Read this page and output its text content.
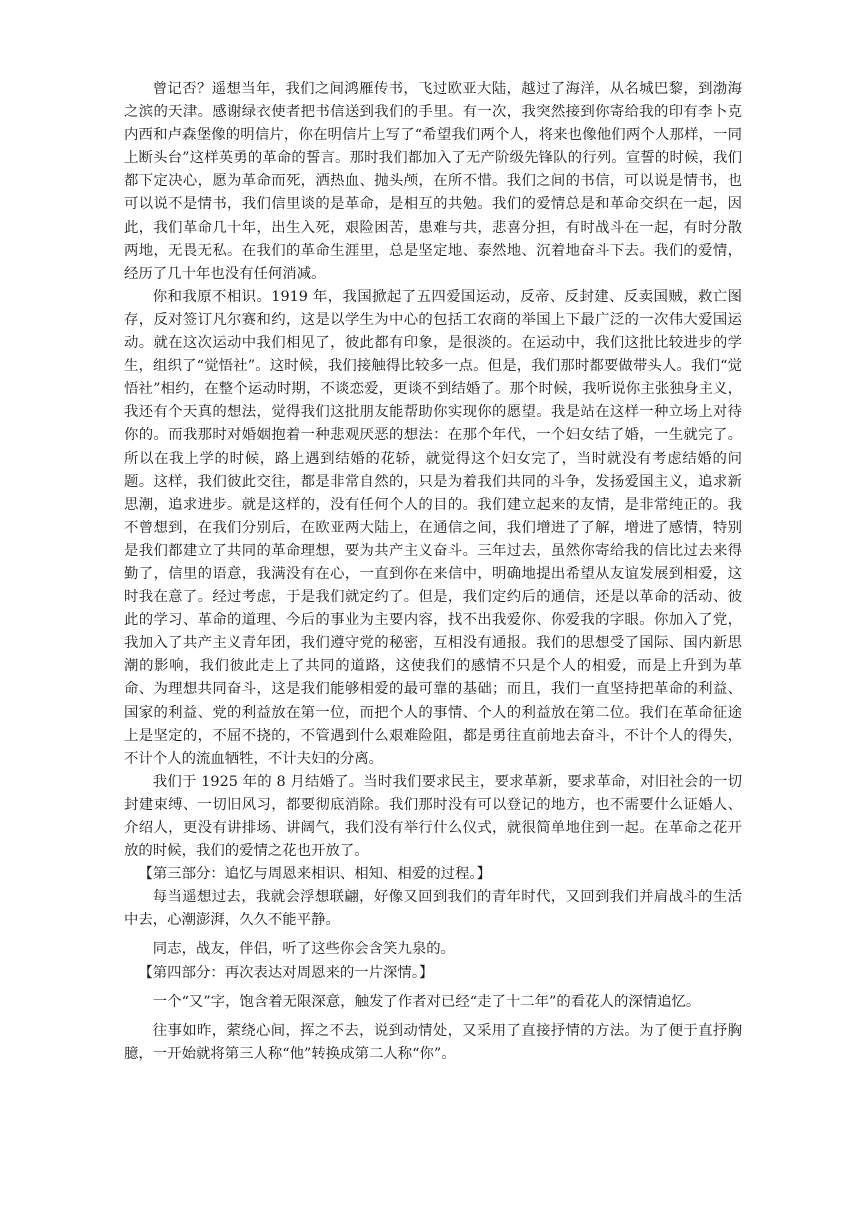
曾记否？遥想当年，我们之间鸿雁传书，飞过欧亚大陆，越过了海洋，从名城巴黎，到渤海之滨的天津。感谢绿衣使者把书信送到我们的手里。有一次，我突然接到你寄给我的印有李卜克内西和卢森堡像的明信片，你在明信片上写了“希望我们两个人，将来也像他们两个人那样，一同上断头台”这样英勇的革命的誓言。那时我们都加入了无产阶级先锋队的行列。宣誓的时候，我们都下定决心，愿为革命而死，洒热血、抛头颅，在所不惜。我们之间的书信，可以说是情书，也可以说不是情书，我们信里谈的是革命，是相互的共勉。我们的爱情总是和革命交织在一起，因此，我们革命几十年，出生入死，艰险困苦，患难与共，悲喜分担，有时战斗在一起，有时分散两地，无畏无私。在我们的革命生涯里，总是坚定地、泰然地、沉着地奋斗下去。我们的爱情，经历了几十年也没有任何消减。

你和我原不相识。1919 年，我国掀起了五四爱国运动，反帝、反封建、反卖国贼，救亡图存，反对签订凡尔赛和约，这是以学生为中心的包括工农商的举国上下最广泛的一次伟大爱国运动。就在这次运动中我们相见了，彼此都有印象，是很淡的。在运动中，我们这批比较进步的学生，组织了“觉悟社”。这时候，我们接触得比较多一点。但是，我们那时都要做带头人。我们“觉悟社”相约，在整个运动时期，不谈恋爱，更谈不到结婚了。那个时候，我听说你主张独身主义，我还有个天真的想法，觉得我们这批朋友能帮助你实现你的愿望。我是站在这样一种立场上对待你的。而我那时对婚姻抱着一种悲观厌恶的想法：在那个年代，一个妇女结了婚，一生就完了。所以在我上学的时候，路上遇到结婚的花轿，就觉得这个妇女完了，当时就没有考虑结婚的问题。这样，我们彼此交往，都是非常自然的，只是为着我们共同的斗争，发扬爱国主义，追求新思潮，追求进步。就是这样的，没有任何个人的目的。我们建立起来的友情，是非常纯正的。我不曾想到，在我们分别后，在欧亚两大陆上，在通信之间，我们增进了了解，增进了感情，特别是我们都建立了共同的革命理想，要为共产主义奋斗。三年过去，虽然你寄给我的信比过去来得勤了，信里的语意，我满没有在心，一直到你在来信中，明确地提出希望从友谊发展到相爱，这时我在意了。经过考虑，于是我们就定约了。但是，我们定约后的通信，还是以革命的活动、彼此的学习、革命的道理、今后的事业为主要内容，找不出我爱你、你爱我的字眼。你加入了党，我加入了共产主义青年团，我们遵守党的秘密，互相没有通报。我们的思想受了国际、国内新思潮的影响，我们彼此走上了共同的道路，这使我们的感情不只是个人的相爱，而是上升到为革命、为理想共同奋斗，这是我们能够相爱的最可靠的基础；而且，我们一直坚持把革命的利益、国家的利益、党的利益放在第一位，而把个人的事情、个人的利益放在第二位。我们在革命征途上是坚定的，不屈不挠的，不管遇到什么艰难险阻，都是勇往直前地去奋斗，不计个人的得失，不计个人的流血牺牲，不计夫妇的分离。

我们于 1925 年的 8 月结婚了。当时我们要求民主，要求革新，要求革命，对旧社会的一切封建束缚、一切旧风习，都要彻底消除。我们那时没有可以登记的地方，也不需要什么证婚人、介绍人，更没有讲排场、讲阔气，我们没有举行什么仪式，就很简单地住到一起。在革命之花开放的时候，我们的爱情之花也开放了。

【第三部分：追忆与周恩来相识、相知、相爱的过程。】

每当遥想过去，我就会浮想联翩，好像又回到我们的青年时代，又回到我们并肩战斗的生活中去，心潮澎湃，久久不能平静。

同志，战友，伴侣，听了这些你会含笑九泉的。

【第四部分：再次表达对周恩来的一片深情。】

一个“又”字，饱含着无限深意，触发了作者对已经“走了十二年”的看花人的深情追忆。

往事如昨，萦绕心间，挥之不去，说到动情处，又采用了直接抒情的方法。为了便于直抒胸臆，一开始就将第三人称“他”转换成第二人称“你”。
